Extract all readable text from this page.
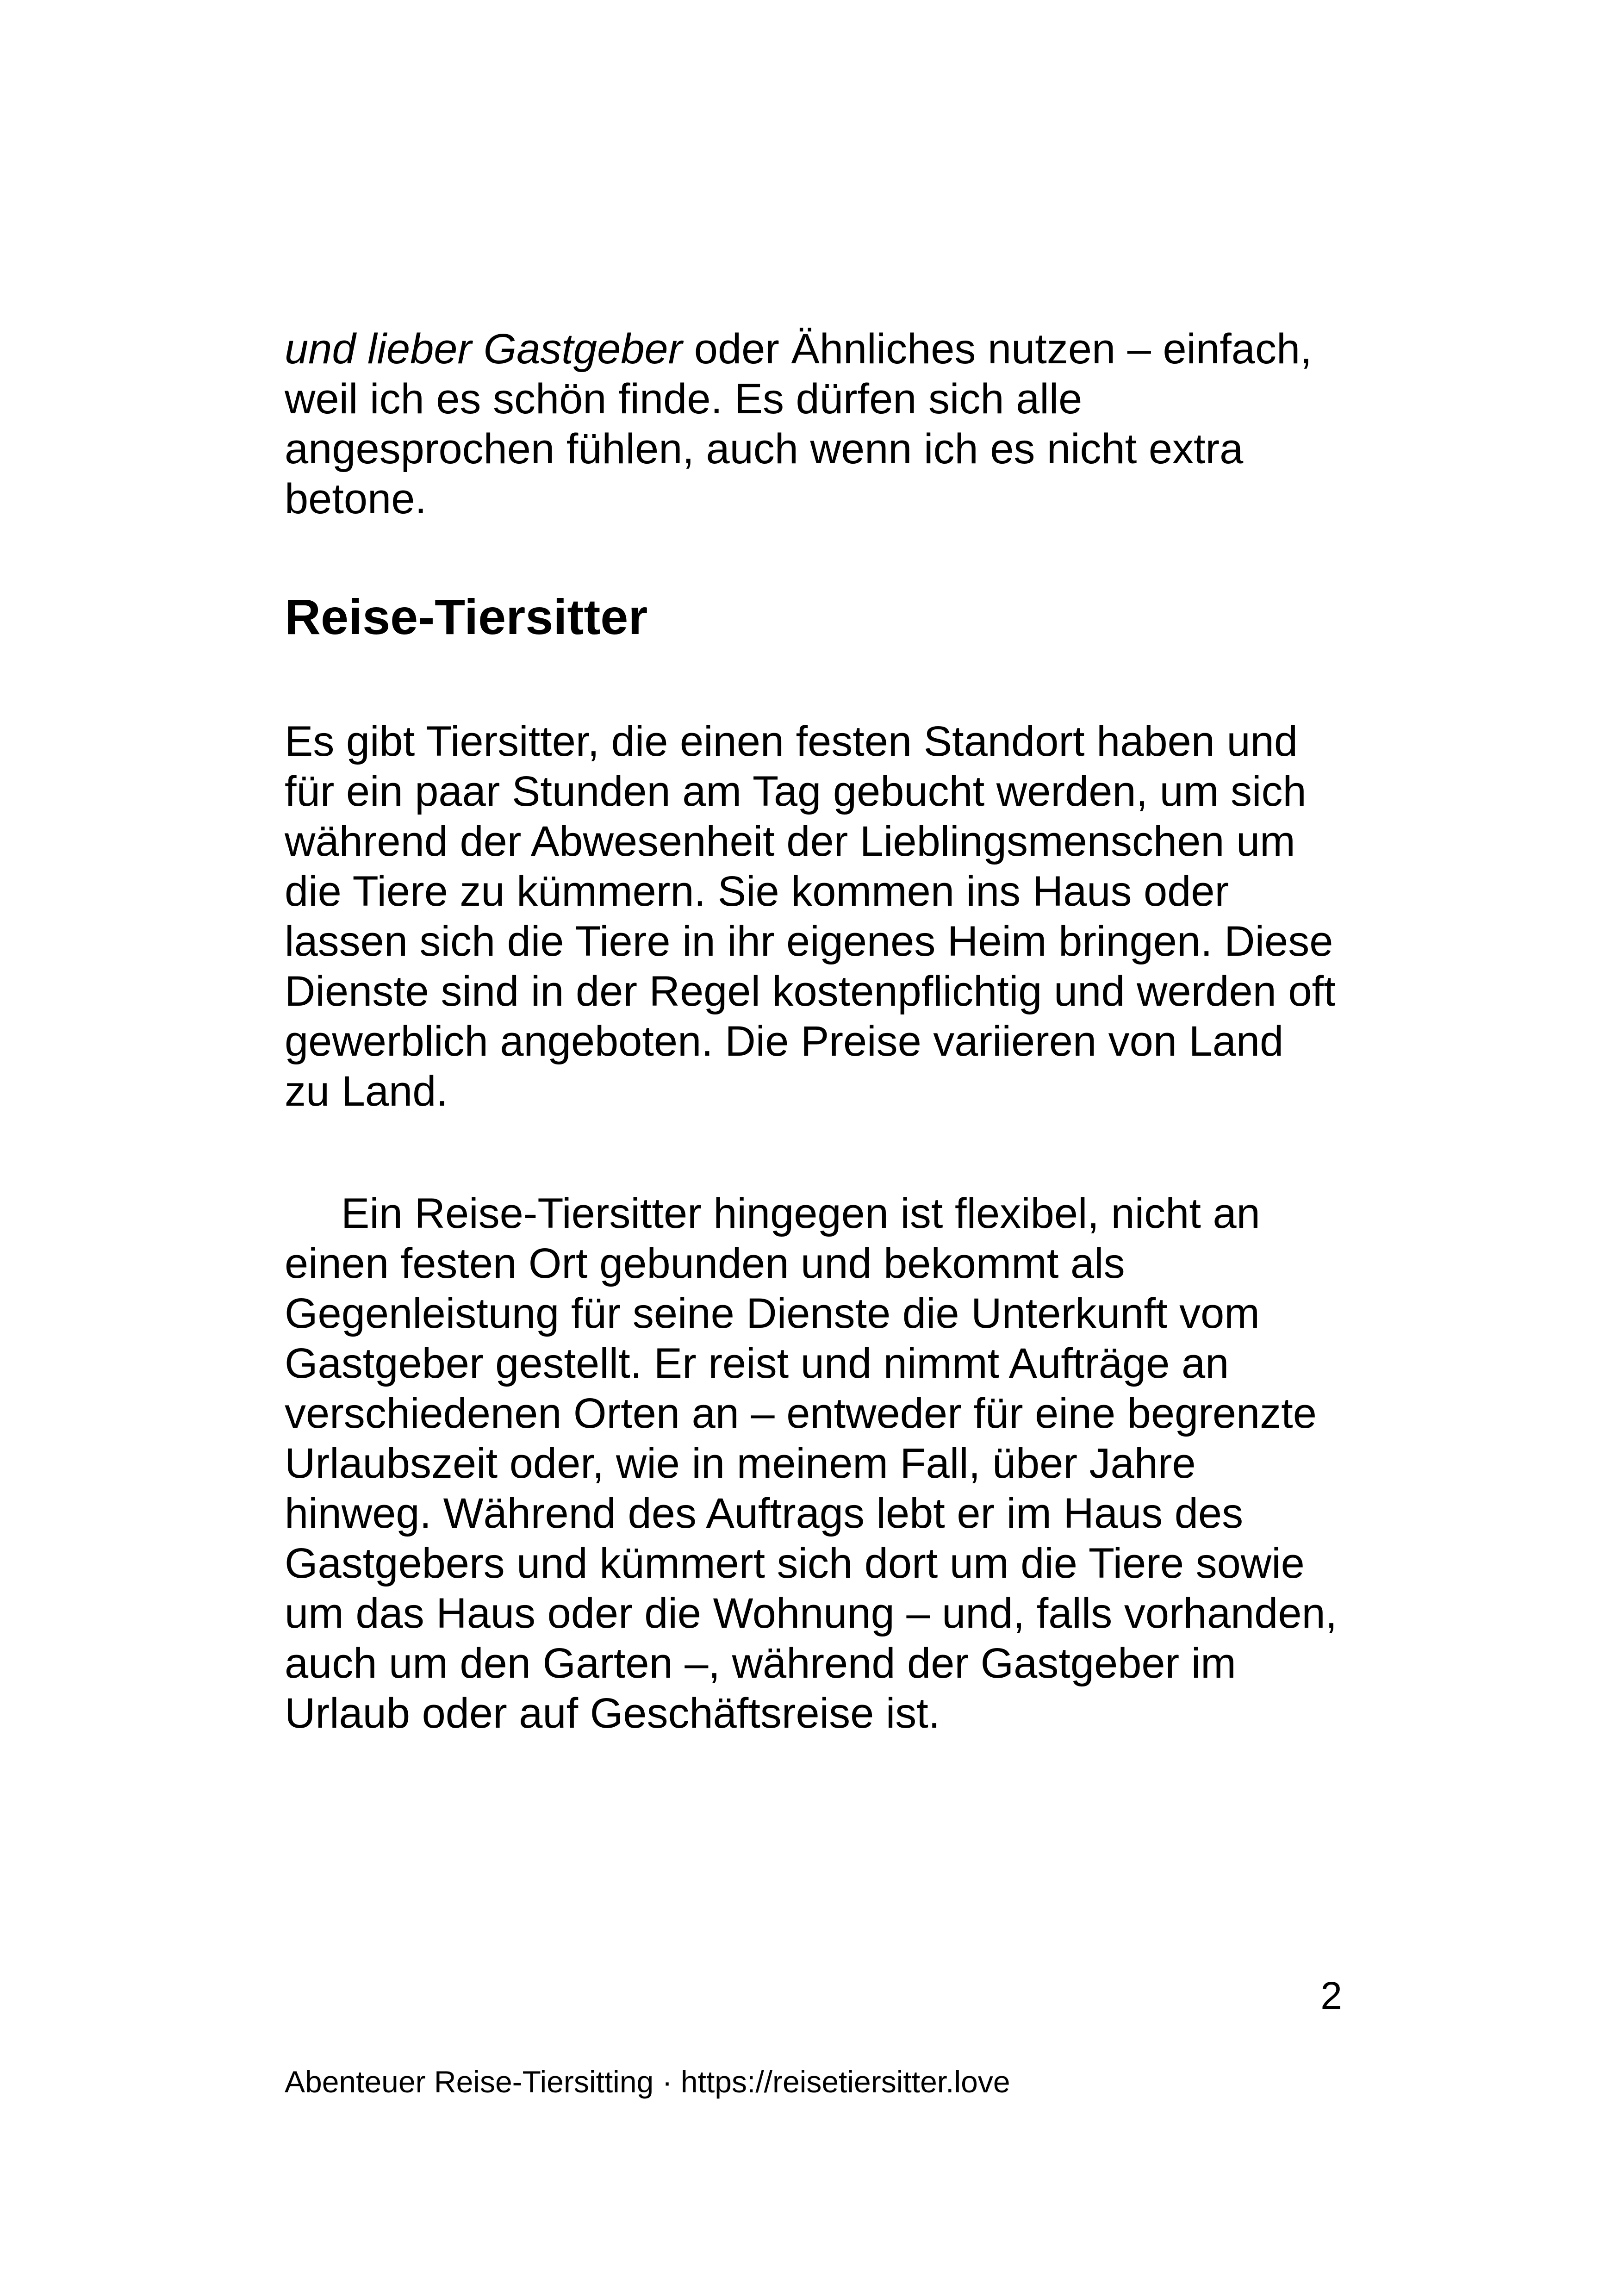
und lieber Gastgeber oder Ähnliches nutzen – einfach,
weil ich es schön finde. Es dürfen sich alle
angesprochen fühlen, auch wenn ich es nicht extra
betone.
Reise-Tiersitter
Es gibt Tiersitter, die einen festen Standort haben und
für ein paar Stunden am Tag gebucht werden, um sich
während der Abwesenheit der Lieblingsmenschen um
die Tiere zu kümmern. Sie kommen ins Haus oder
lassen sich die Tiere in ihr eigenes Heim bringen. Diese
Dienste sind in der Regel kostenpflichtig und werden oft
gewerblich angeboten. Die Preise variieren von Land
zu Land.
Ein Reise-Tiersitter hingegen ist flexibel, nicht an
einen festen Ort gebunden und bekommt als
Gegenleistung für seine Dienste die Unterkunft vom
Gastgeber gestellt. Er reist und nimmt Aufträge an
verschiedenen Orten an – entweder für eine begrenzte
Urlaubszeit oder, wie in meinem Fall, über Jahre
hinweg. Während des Auftrags lebt er im Haus des
Gastgebers und kümmert sich dort um die Tiere sowie
um das Haus oder die Wohnung – und, falls vorhanden,
auch um den Garten –, während der Gastgeber im
Urlaub oder auf Geschäftsreise ist.
2
Abenteuer Reise-Tiersitting · https://reisetiersitter.love
